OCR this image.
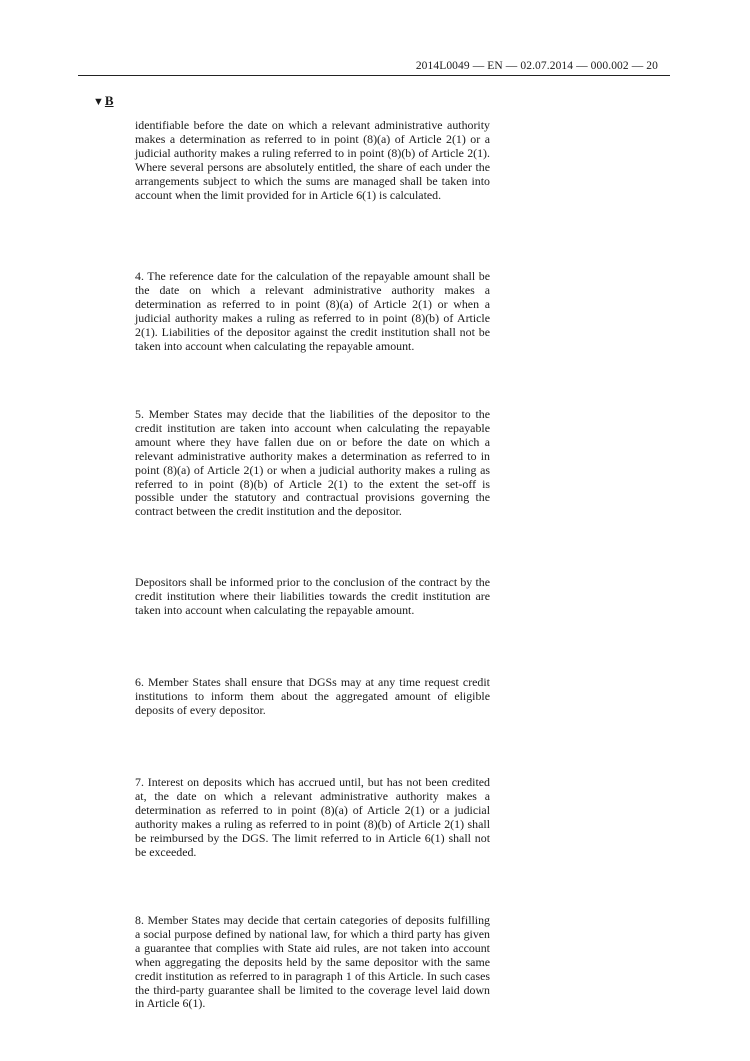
2014L0049 — EN — 02.07.2014 — 000.002 — 20
▼B

identifiable before the date on which a relevant administrative authority makes a determination as referred to in point (8)(a) of Article 2(1) or a judicial authority makes a ruling referred to in point (8)(b) of Article 2(1). Where several persons are absolutely entitled, the share of each under the arrangements subject to which the sums are managed shall be taken into account when the limit provided for in Article 6(1) is calculated.

4. The reference date for the calculation of the repayable amount shall be the date on which a relevant administrative authority makes a determination as referred to in point (8)(a) of Article 2(1) or when a judicial authority makes a ruling as referred to in point (8)(b) of Article 2(1). Liabilities of the depositor against the credit institution shall not be taken into account when calculating the repayable amount.

5. Member States may decide that the liabilities of the depositor to the credit institution are taken into account when calculating the repayable amount where they have fallen due on or before the date on which a relevant administrative authority makes a determination as referred to in point (8)(a) of Article 2(1) or when a judicial authority makes a ruling as referred to in point (8)(b) of Article 2(1) to the extent the set-off is possible under the statutory and contractual provisions governing the contract between the credit institution and the depositor.

Depositors shall be informed prior to the conclusion of the contract by the credit institution where their liabilities towards the credit institution are taken into account when calculating the repayable amount.

6. Member States shall ensure that DGSs may at any time request credit institutions to inform them about the aggregated amount of eligible deposits of every depositor.

7. Interest on deposits which has accrued until, but has not been credited at, the date on which a relevant administrative authority makes a determination as referred to in point (8)(a) of Article 2(1) or a judicial authority makes a ruling as referred to in point (8)(b) of Article 2(1) shall be reimbursed by the DGS. The limit referred to in Article 6(1) shall not be exceeded.

8. Member States may decide that certain categories of deposits fulfilling a social purpose defined by national law, for which a third party has given a guarantee that complies with State aid rules, are not taken into account when aggregating the deposits held by the same depositor with the same credit institution as referred to in paragraph 1 of this Article. In such cases the third-party guarantee shall be limited to the coverage level laid down in Article 6(1).
